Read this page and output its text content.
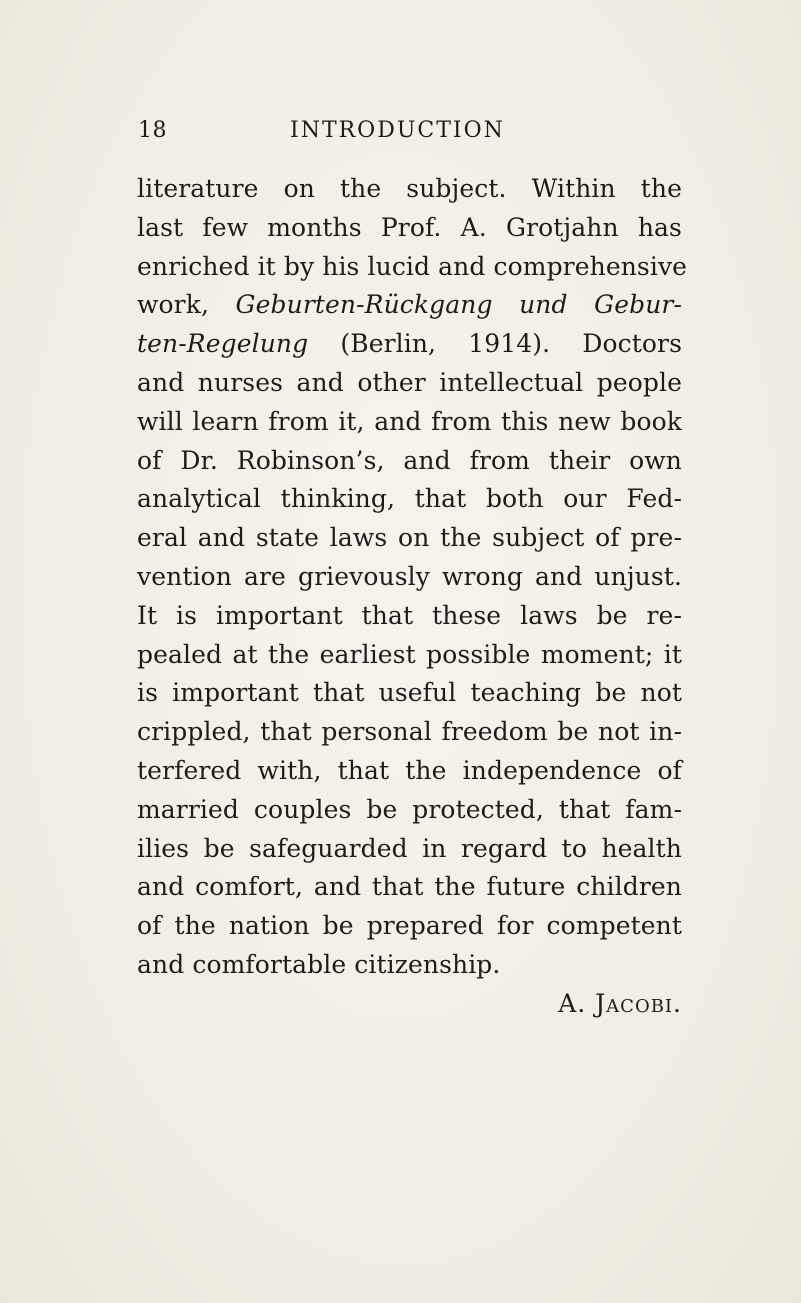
18	INTRODUCTION
literature on the subject. Within the
last few months Prof. A. Grotjahn has
enriched it by his lucid and comprehensive
work, Geburten-Rückgang und Gebur-
ten-Regelung (Berlin, 1914). Doctors
and nurses and other intellectual people
will learn from it, and from this new book
of Dr. Robinson’s, and from their own
analytical thinking, that both our Fed-
eral and state laws on the subject of pre-
vention are grievously wrong and unjust.
It is important that these laws be re-
pealed at the earliest possible moment; it
is important that useful teaching be not
crippled, that personal freedom be not in-
terfered with, that the independence of
married couples be protected, that fam-
ilies be safeguarded in regard to health
and comfort, and that the future children
of the nation be prepared for competent
and comfortable citizenship.
A. Jacobi.
